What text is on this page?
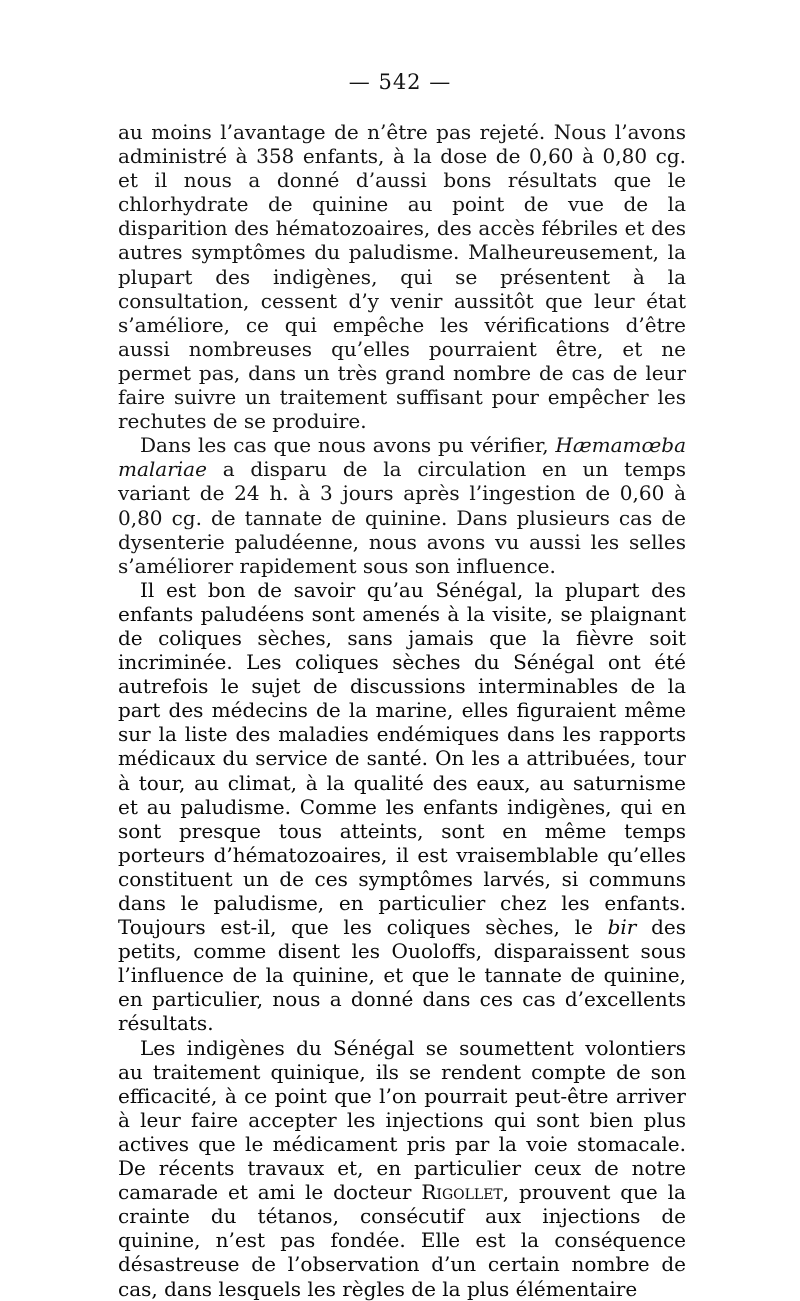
— 542 —

au moins l’avantage de n’être pas rejeté. Nous l’avons administré à 358 enfants, à la dose de 0,60 à 0,80 cg. et il nous a donné d’aussi bons résultats que le chlorhydrate de quinine au point de vue de la disparition des hématozoaires, des accès fébriles et des autres symptômes du paludisme. Malheureusement, la plupart des indigènes, qui se présentent à la consultation, cessent d’y venir aussitôt que leur état s’améliore, ce qui empêche les vérifications d’être aussi nombreuses qu’elles pourraient être, et ne permet pas, dans un très grand nombre de cas de leur faire suivre un traitement suffisant pour empêcher les rechutes de se produire.

Dans les cas que nous avons pu vérifier, Hæmamœba malariae a disparu de la circulation en un temps variant de 24 h. à 3 jours après l’ingestion de 0,60 à 0,80 cg. de tannate de quinine. Dans plusieurs cas de dysenterie paludéenne, nous avons vu aussi les selles s’améliorer rapidement sous son influence.

Il est bon de savoir qu’au Sénégal, la plupart des enfants paludéens sont amenés à la visite, se plaignant de coliques sèches, sans jamais que la fièvre soit incriminée. Les coliques sèches du Sénégal ont été autrefois le sujet de discussions interminables de la part des médecins de la marine, elles figuraient même sur la liste des maladies endémiques dans les rapports médicaux du service de santé. On les a attribuées, tour à tour, au climat, à la qualité des eaux, au saturnisme et au paludisme. Comme les enfants indigènes, qui en sont presque tous atteints, sont en même temps porteurs d’hématozoaires, il est vraisemblable qu’elles constituent un de ces symptômes larvés, si communs dans le paludisme, en particulier chez les enfants. Toujours est-il, que les coliques sèches, le bir des petits, comme disent les Ouoloffs, disparaissent sous l’influence de la quinine, et que le tannate de quinine, en particulier, nous a donné dans ces cas d’excellents résultats.

Les indigènes du Sénégal se soumettent volontiers au traitement quinique, ils se rendent compte de son efficacité, à ce point que l’on pourrait peut-être arriver à leur faire accepter les injections qui sont bien plus actives que le médicament pris par la voie stomacale. De récents travaux et, en particulier ceux de notre camarade et ami le docteur Rigollet, prouvent que la crainte du tétanos, consécutif aux injections de quinine, n’est pas fondée. Elle est la conséquence désastreuse de l’observation d’un certain nombre de cas, dans lesquels les règles de la plus élémentaire
